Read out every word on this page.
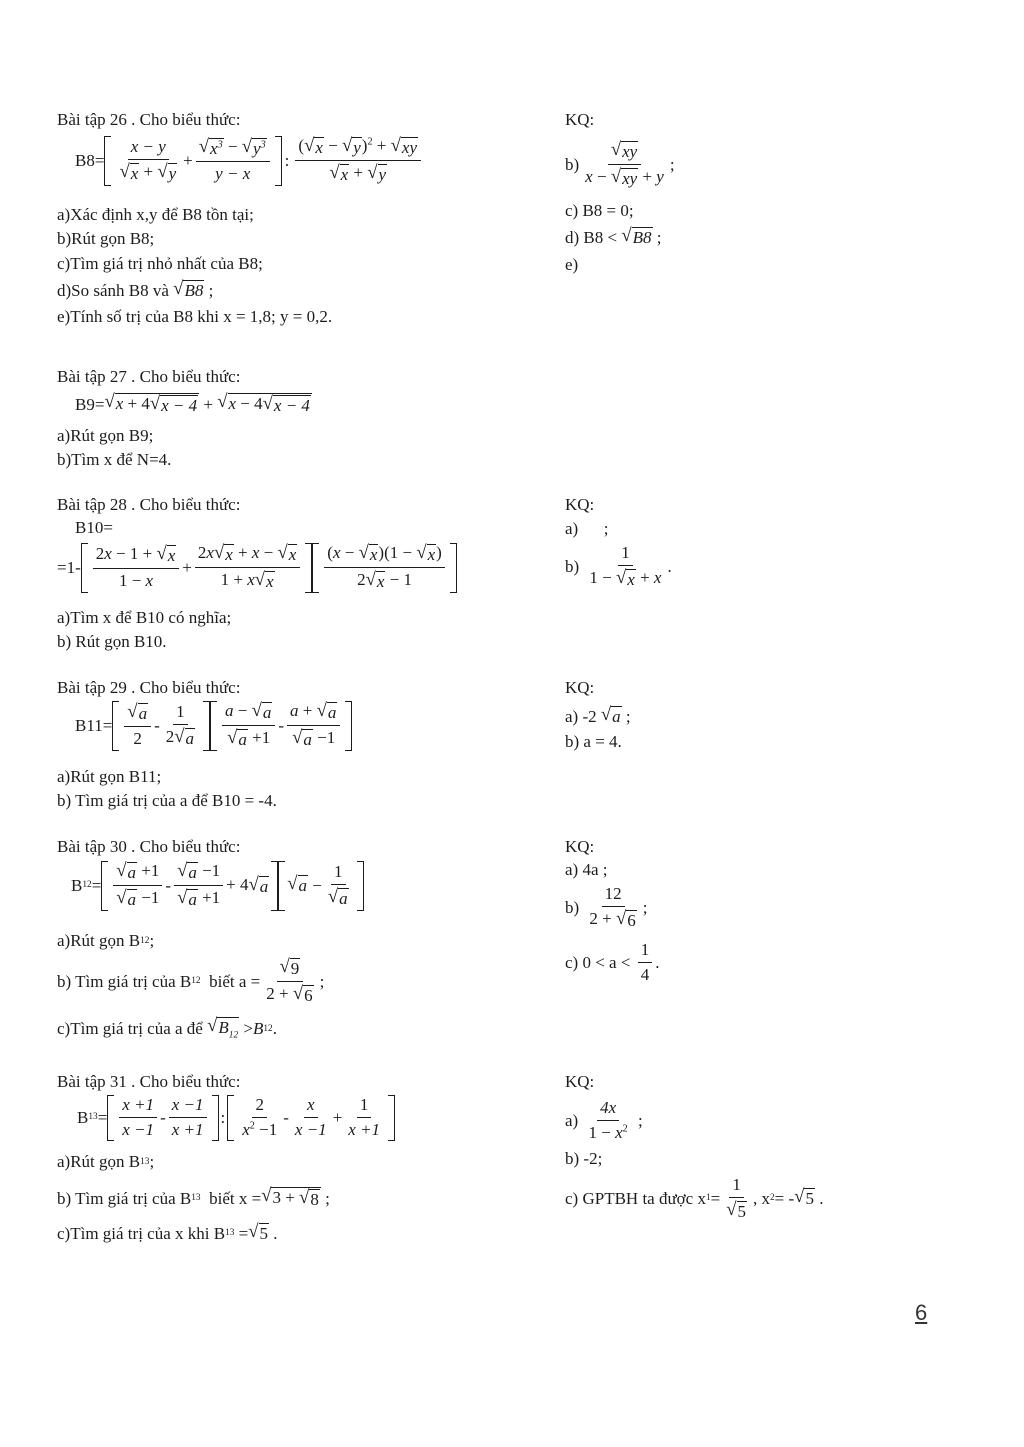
Bài tập 26 . Cho biểu thức:	KQ:
$B8= \frac{x - y}{√ x + √ y} + \frac{√ x^3 - √ y^3}{y - x}$ : $\frac{( √ x - √ y )^2 + √ xy}{√ x + √ y}$	$b) \frac{√ xy}{x - √ xy + y}$ ;
a)Xác định x,y để B8 tồn tại;
b)Rút gọn B8;
c)Tìm giá trị nhỏ nhất của B8;
d)So sánh B8 và
√ B8 ;
e)Tính số trị của B8 khi x = 1,8; y = 0,2.
c) B8 = 0;
d) B8 <
√ B8 ;
e)
Bài tập 27 . Cho biểu thức:
B9= √ x + 4 √ x − 4 + √ x − 4 √ x − 4
a)Rút gọn B9;
b)Tìm x để N=4.
Bài tập 28 . Cho biểu thức:	KQ:
B10=	a)      ;
$=1- \frac{2x - 1 + √ x}{1 - x} + \frac{2x √ x + x - √ x}{1 + x √ x} \frac{(x - √ x )(1 - √ x )}{2 √ x - 1}$	b)
$\frac{1}{1 - √ x + x}$ .
a)Tìm x để B10 có nghĩa;
b) Rút gọn B10.
Bài tập 29 . Cho biểu thức:	KQ:
$B11= \frac{√ a}{2} - \frac{1}{2 √ a} \frac{a - √ a}{√ a +1} - \frac{a + √ a}{√ a -1}$	a) -2
√ a ;
b) a = 4.
a)Rút gọn B11;
b) Tìm giá trị của a để B10 = -4.
Bài tập 30 . Cho biểu thức:	KQ:
B $12 = \frac{√ a +1}{√ a -1} - \frac{√ a -1}{√ a +1} + 4$ √ a √ $a - \frac{1}{√ a}$	a) 4a ;
b)
$\frac{12}{2 + √ 6}$ ;
c) 0 < a <
$\frac{1}{4}$ .
a)Rút gọn B 12 ;
b) Tìm giá trị của B 12 biết $a = \frac{√ 9}{2 + √ 6}$ ;
c)Tìm giá trị của a để
√ $B_{12} > B$ 12 .
Bài tập 31 . Cho biểu thức:	KQ:
B $13 = \frac{x +1}{x -1} - \frac{x -1}{x +1}$ : $\frac{2}{x^2 -1} - \frac{x}{x -1} + \frac{1}{x +1}$	a)
$\frac{4x}{1 - x^2}$ ;
b) -2;
c) GPTBH ta được x $1 = \frac{1}{√ 5}$ , x 2 = - √ 5 .
a)Rút gọn B 13 ;
b) Tìm giá trị của B 13 biết x = √ 3 + √ 8 ;
c)Tìm giá trị của x khi B 13 = √ 5 .
6
